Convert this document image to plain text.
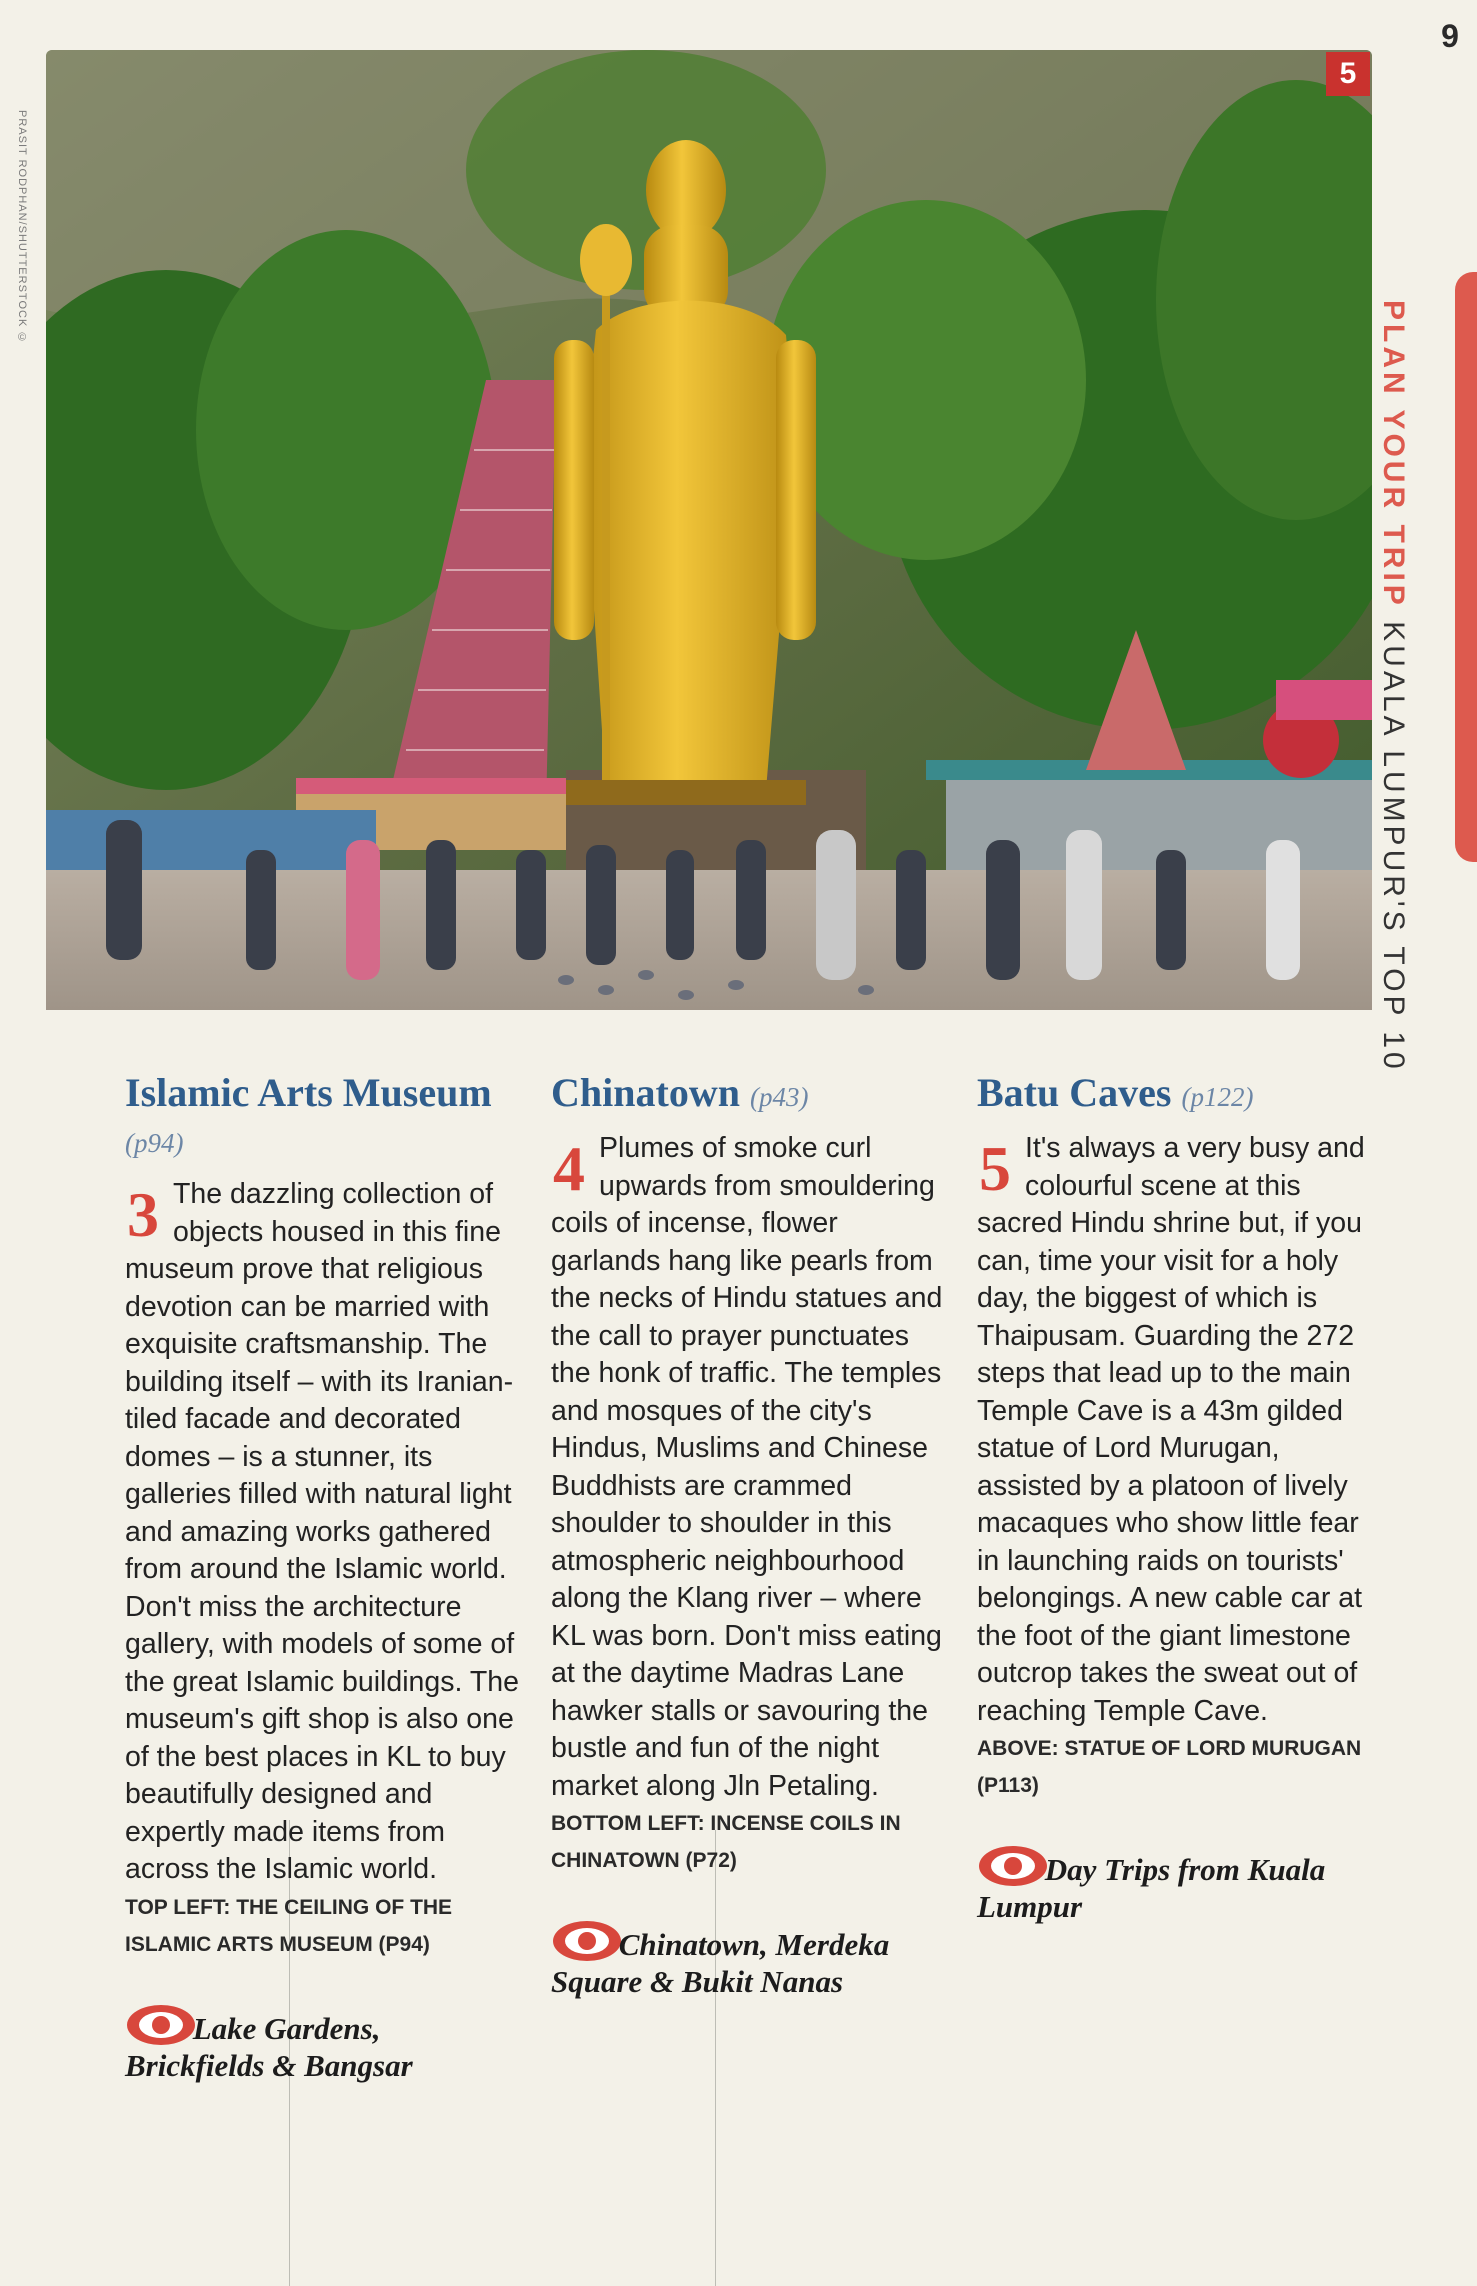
9
PLAN YOUR TRIP KUALA LUMPUR'S TOP 10
PRASIT RODPHAN/SHUTTERSTOCK ©
5
Islamic Arts Museum (p94)

3 The dazzling collection of objects housed in this fine museum prove that religious devotion can be married with exquisite craftsmanship. The building itself – with its Iranian-tiled facade and decorated domes – is a stunner, its galleries filled with natural light and amazing works gathered from around the Islamic world. Don't miss the architecture gallery, with models of some of the great Islamic buildings. The museum's gift shop is also one of the best places in KL to buy beautifully designed and expertly made items from across the Islamic world.

TOP LEFT: THE CEILING OF THE ISLAMIC ARTS MUSEUM (P94)
Lake Gardens, Brickfields & Bangsar
Chinatown (p43)

4 Plumes of smoke curl upwards from smouldering coils of incense, flower garlands hang like pearls from the necks of Hindu statues and the call to prayer punctuates the honk of traffic. The temples and mosques of the city's Hindus, Muslims and Chinese Buddhists are crammed shoulder to shoulder in this atmospheric neighbourhood along the Klang river – where KL was born. Don't miss eating at the daytime Madras Lane hawker stalls or savouring the bustle and fun of the night market along Jln Petaling.

BOTTOM LEFT: INCENSE COILS IN CHINATOWN (P72)
Chinatown, Merdeka Square & Bukit Nanas
Batu Caves (p122)

5 It's always a very busy and colourful scene at this sacred Hindu shrine but, if you can, time your visit for a holy day, the biggest of which is Thaipusam. Guarding the 272 steps that lead up to the main Temple Cave is a 43m gilded statue of Lord Murugan, assisted by a platoon of lively macaques who show little fear in launching raids on tourists' belongings. A new cable car at the foot of the giant limestone outcrop takes the sweat out of reaching Temple Cave.

ABOVE: STATUE OF LORD MURUGAN (P113)
Day Trips from Kuala Lumpur
